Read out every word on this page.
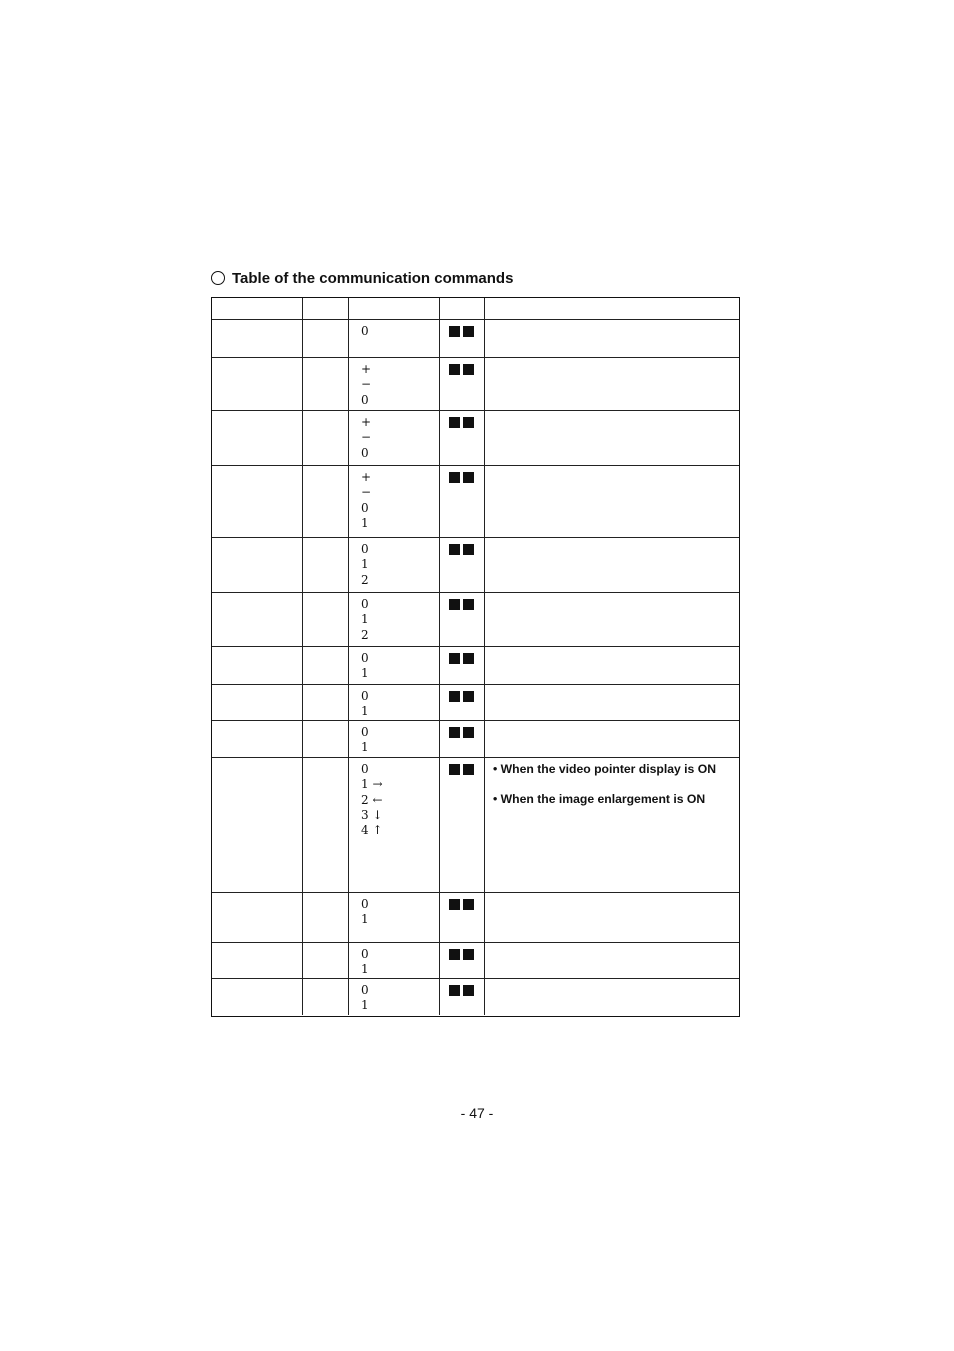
Table of the communication commands
0
+
−
0
+
−
0
+
−
0
1
0
1
2
0
1
2
0
1
0
1
0
1
0
1 →
2 ←
3 ↓
4 ↑
• When the video pointer display is ON
• When the image enlargement is ON
0
1
0
1
0
1
- 47 -
